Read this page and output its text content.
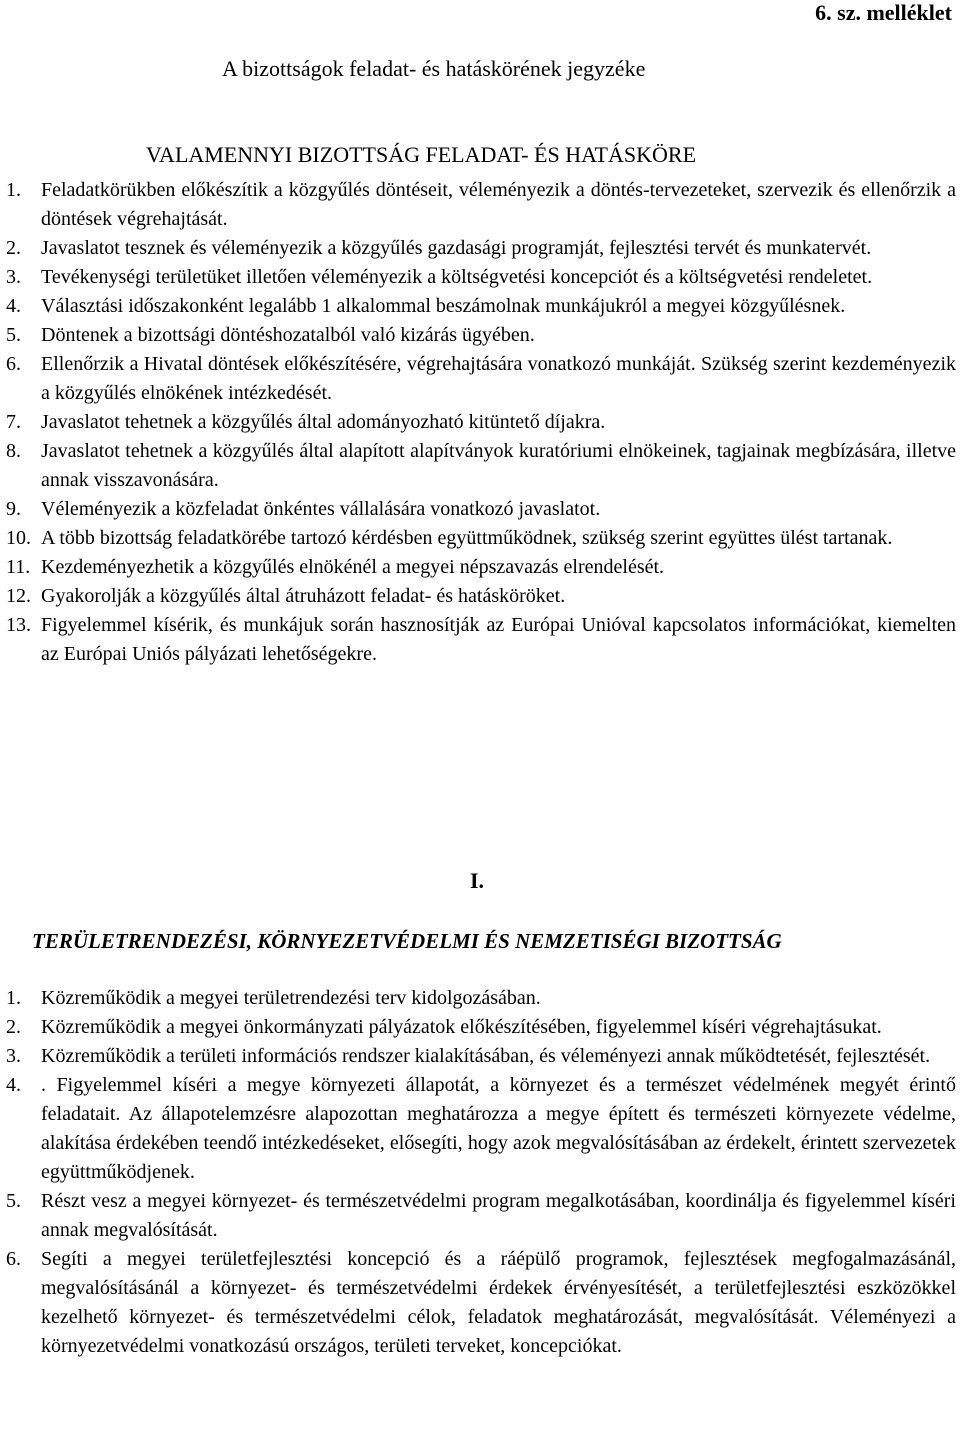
6. sz. melléklet
A bizottságok feladat- és hatáskörének jegyzéke
VALAMENNYI BIZOTTSÁG FELADAT- ÉS HATÁSKÖRE
1. Feladatkörükben előkészítik a közgyűlés döntéseit, véleményezik a döntés-tervezeteket, szervezik és ellenőrzik a döntések végrehajtását.
2. Javaslatot tesznek és véleményezik a közgyűlés gazdasági programját, fejlesztési tervét és munkatervét.
3. Tevékenységi területüket illetően véleményezik a költségvetési koncepciót és a költségvetési rendeletet.
4. Választási időszakonként legalább 1 alkalommal beszámolnak munkájukról a megyei közgyűlésnek.
5. Döntenek a bizottsági döntéshozatalból való kizárás ügyében.
6. Ellenőrzik a Hivatal döntések előkészítésére, végrehajtására vonatkozó munkáját. Szükség szerint kezdeményezik a közgyűlés elnökének intézkedését.
7. Javaslatot tehetnek a közgyűlés által adományozható kitüntető díjakra.
8. Javaslatot tehetnek a közgyűlés által alapított alapítványok kuratóriumi elnökeinek, tagjainak megbízására, illetve annak visszavonására.
9. Véleményezik a közfeladat önkéntes vállalására vonatkozó javaslatot.
10. A több bizottság feladatkörébe tartozó kérdésben együttműködnek, szükség szerint együttes ülést tartanak.
11. Kezdeményezhetik a közgyűlés elnökénél a megyei népszavazás elrendelését.
12. Gyakorolják a közgyűlés által átruházott feladat- és hatásköröket.
13. Figyelemmel kísérik, és munkájuk során hasznosítják az Európai Unióval kapcsolatos információkat, kiemelten az Európai Uniós pályázati lehetőségekre.
I.
TERÜLETRENDEZÉSI, KÖRNYEZETVÉDELMI ÉS NEMZETISÉGI BIZOTTSÁG
1. Közreműködik a megyei területrendezési terv kidolgozásában.
2. Közreműködik a megyei önkormányzati pályázatok előkészítésében, figyelemmel kíséri végrehajtásukat.
3. Közreműködik a területi információs rendszer kialakításában, és véleményezi annak működtetését, fejlesztését.
4. . Figyelemmel kíséri a megye környezeti állapotát, a környezet és a természet védelmének megyét érintő feladatait. Az állapotelemzésre alapozottan meghatározza a megye épített és természeti környezete védelme, alakítása érdekében teendő intézkedéseket, elősegíti, hogy azok megvalósításában az érdekelt, érintett szervezetek együttműködjenek.
5. Részt vesz a megyei környezet- és természetvédelmi program megalkotásában, koordinálja és figyelemmel kíséri annak megvalósítását.
6. Segíti a megyei területfejlesztési koncepció és a ráépülő programok, fejlesztések megfogalmazásánál, megvalósításánál a környezet- és természetvédelmi érdekek érvényesítését, a területfejlesztési eszközökkel kezelhető környezet- és természetvédelmi célok, feladatok meghatározását, megvalósítását. Véleményezi a környezetvédelmi vonatkozású országos, területi terveket, koncepciókat.
